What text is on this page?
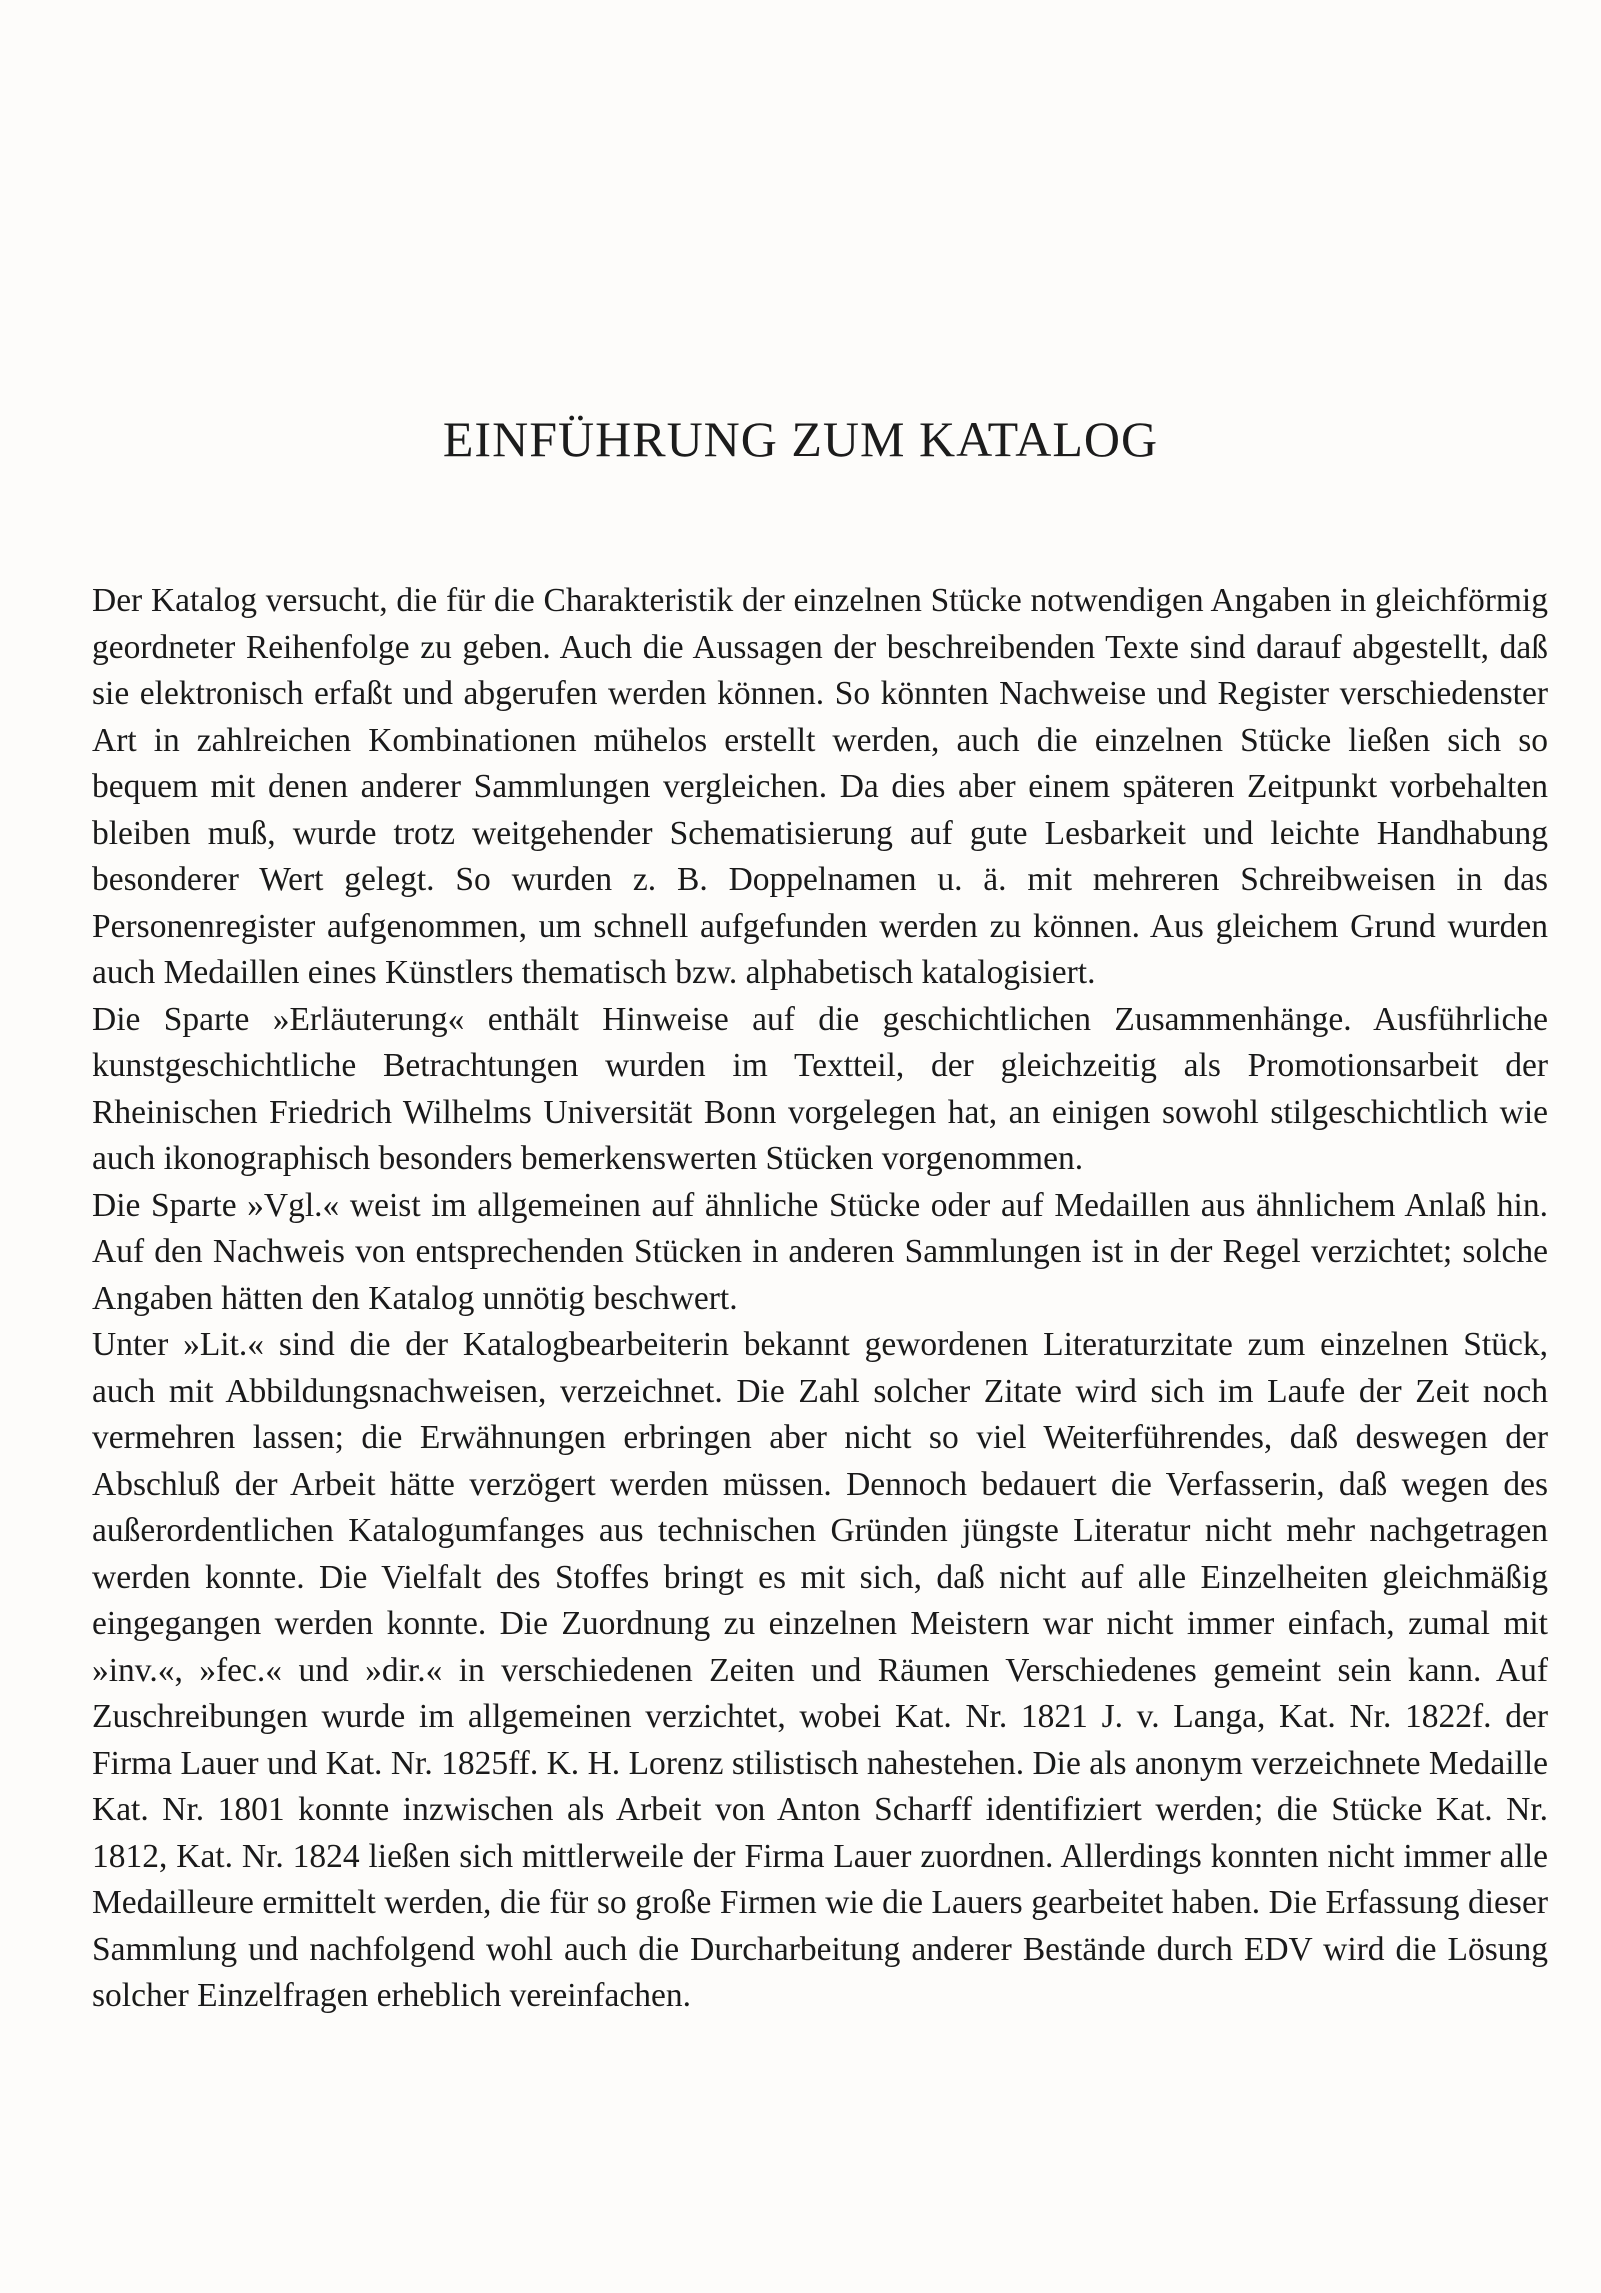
EINFÜHRUNG ZUM KATALOG

Der Katalog versucht, die für die Charakteristik der einzelnen Stücke notwendigen Angaben in gleichförmig geordneter Reihenfolge zu geben. Auch die Aussagen der beschreibenden Texte sind darauf abgestellt, daß sie elektronisch erfaßt und abgerufen werden können. So könnten Nachweise und Register verschiedenster Art in zahlreichen Kombinationen mühelos erstellt werden, auch die einzelnen Stücke ließen sich so bequem mit denen anderer Sammlungen vergleichen. Da dies aber einem späteren Zeitpunkt vorbehalten bleiben muß, wurde trotz weitgehender Schematisierung auf gute Lesbarkeit und leichte Handhabung besonderer Wert gelegt. So wurden z. B. Doppelnamen u. ä. mit mehreren Schreibweisen in das Personenregister aufgenommen, um schnell aufgefunden werden zu können. Aus gleichem Grund wurden auch Medaillen eines Künstlers thematisch bzw. alphabetisch katalogisiert.

Die Sparte »Erläuterung« enthält Hinweise auf die geschichtlichen Zusammenhänge. Ausführliche kunstgeschichtliche Betrachtungen wurden im Textteil, der gleichzeitig als Promotionsarbeit der Rheinischen Friedrich Wilhelms Universität Bonn vorgelegen hat, an einigen sowohl stilgeschichtlich wie auch ikonographisch besonders bemerkenswerten Stücken vorgenommen.

Die Sparte »Vgl.« weist im allgemeinen auf ähnliche Stücke oder auf Medaillen aus ähnlichem Anlaß hin. Auf den Nachweis von entsprechenden Stücken in anderen Sammlungen ist in der Regel verzichtet; solche Angaben hätten den Katalog unnötig beschwert.

Unter »Lit.« sind die der Katalogbearbeiterin bekannt gewordenen Literaturzitate zum einzelnen Stück, auch mit Abbildungsnachweisen, verzeichnet. Die Zahl solcher Zitate wird sich im Laufe der Zeit noch vermehren lassen; die Erwähnungen erbringen aber nicht so viel Weiterführendes, daß deswegen der Abschluß der Arbeit hätte verzögert werden müssen. Dennoch bedauert die Verfasserin, daß wegen des außerordentlichen Katalogumfanges aus technischen Gründen jüngste Literatur nicht mehr nachgetragen werden konnte. Die Vielfalt des Stoffes bringt es mit sich, daß nicht auf alle Einzelheiten gleichmäßig eingegangen werden konnte. Die Zuordnung zu einzelnen Meistern war nicht immer einfach, zumal mit »inv.«, »fec.« und »dir.« in verschiedenen Zeiten und Räumen Verschiedenes gemeint sein kann. Auf Zuschreibungen wurde im allgemeinen verzichtet, wobei Kat. Nr. 1821 J. v. Langa, Kat. Nr. 1822f. der Firma Lauer und Kat. Nr. 1825ff. K. H. Lorenz stilistisch nahestehen. Die als anonym verzeichnete Medaille Kat. Nr. 1801 konnte inzwischen als Arbeit von Anton Scharff identifiziert werden; die Stücke Kat. Nr. 1812, Kat. Nr. 1824 ließen sich mittlerweile der Firma Lauer zuordnen. Allerdings konnten nicht immer alle Medailleure ermittelt werden, die für so große Firmen wie die Lauers gearbeitet haben. Die Erfassung dieser Sammlung und nachfolgend wohl auch die Durcharbeitung anderer Bestände durch EDV wird die Lösung solcher Einzelfragen erheblich vereinfachen.
